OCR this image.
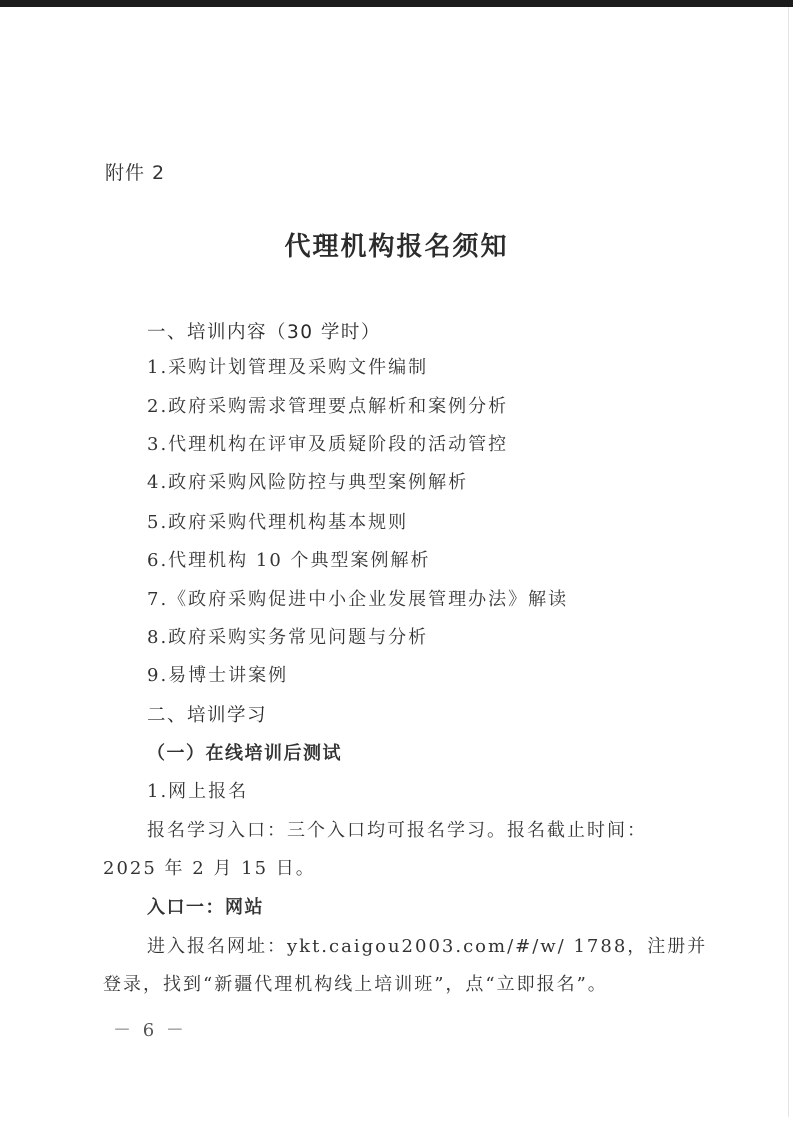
附件 2
代理机构报名须知
一、培训内容（30 学时）
1.采购计划管理及采购文件编制
2.政府采购需求管理要点解析和案例分析
3.代理机构在评审及质疑阶段的活动管控
4.政府采购风险防控与典型案例解析
5.政府采购代理机构基本规则
6.代理机构 10 个典型案例解析
7.《政府采购促进中小企业发展管理办法》解读
8.政府采购实务常见问题与分析
9.易博士讲案例
二、培训学习
（一）在线培训后测试
1.网上报名
报名学习入口：三个入口均可报名学习。报名截止时间：
2025 年 2 月 15 日。
入口一：网站
进入报名网址：ykt.caigou2003.com/#/w/ 1788，注册并
登录，找到“新疆代理机构线上培训班”，点“立即报名”。
－ 6 －
